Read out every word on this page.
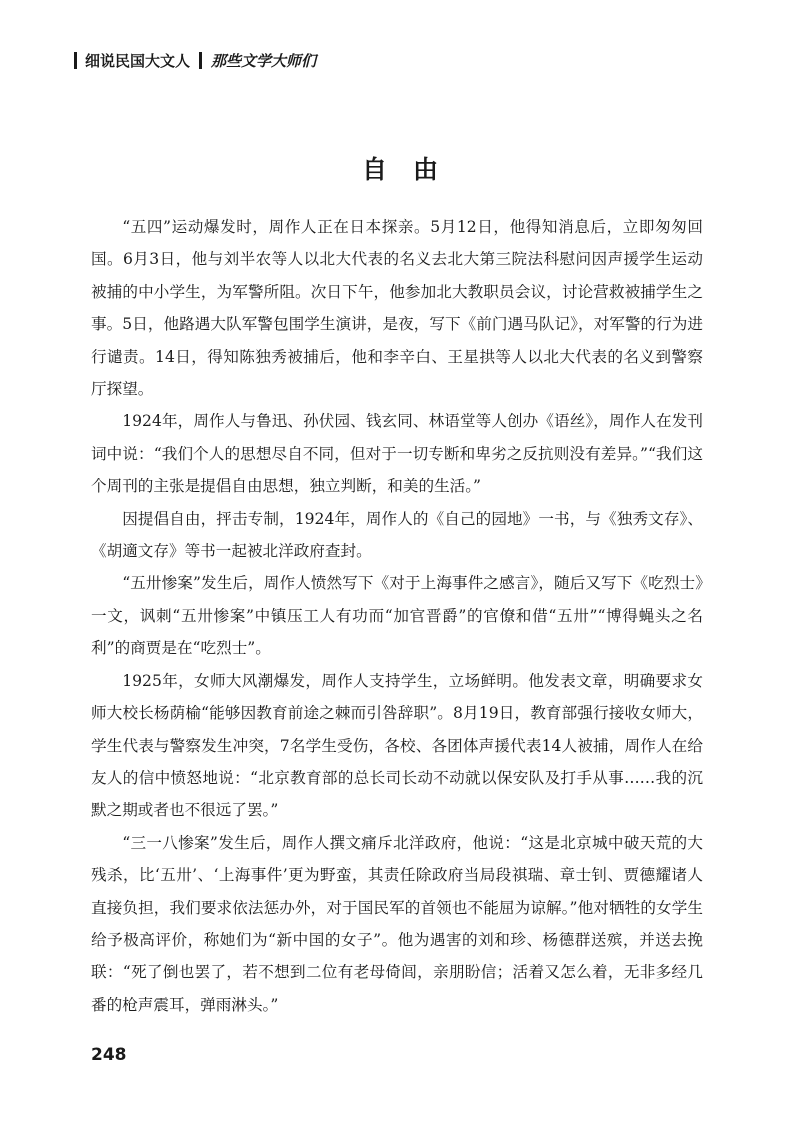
细说民国大文人 那些文学大师们
自由

“五四”运动爆发时，周作人正在日本探亲。5月12日，他得知消息后，立即匆匆回国。6月3日，他与刘半农等人以北大代表的名义去北大第三院法科慰问因声援学生运动被捕的中小学生，为军警所阻。次日下午，他参加北大教职员会议，讨论营救被捕学生之事。5日，他路遇大队军警包围学生演讲，是夜，写下《前门遇马队记》，对军警的行为进行谴责。14日，得知陈独秀被捕后，他和李辛白、王星拱等人以北大代表的名义到警察厅探望。

1924年，周作人与鲁迅、孙伏园、钱玄同、林语堂等人创办《语丝》，周作人在发刊词中说：“我们个人的思想尽自不同，但对于一切专断和卑劣之反抗则没有差异。”“我们这个周刊的主张是提倡自由思想，独立判断，和美的生活。”

因提倡自由，抨击专制，1924年，周作人的《自己的园地》一书，与《独秀文存》、《胡適文存》等书一起被北洋政府查封。

“五卅惨案”发生后，周作人愤然写下《对于上海事件之感言》，随后又写下《吃烈士》一文，讽刺“五卅惨案”中镇压工人有功而“加官晋爵”的官僚和借“五卅”“博得蝇头之名利”的商贾是在“吃烈士”。

1925年，女师大风潮爆发，周作人支持学生，立场鲜明。他发表文章，明确要求女师大校长杨荫榆“能够因教育前途之棘而引咎辞职”。8月19日，教育部强行接收女师大，学生代表与警察发生冲突，7名学生受伤，各校、各团体声援代表14人被捕，周作人在给友人的信中愤怒地说：“北京教育部的总长司长动不动就以保安队及打手从事……我的沉默之期或者也不很远了罢。”

“三一八惨案”发生后，周作人撰文痛斥北洋政府，他说：“这是北京城中破天荒的大残杀，比‘五卅’、‘上海事件’更为野蛮，其责任除政府当局段祺瑞、章士钊、贾德耀诸人直接负担，我们要求依法惩办外，对于国民军的首领也不能屈为谅解。”他对牺牲的女学生给予极高评价，称她们为“新中国的女子”。他为遇害的刘和珍、杨德群送殡，并送去挽联：“死了倒也罢了，若不想到二位有老母倚闾，亲朋盼信；活着又怎么着，无非多经几番的枪声震耳，弹雨淋头。”

248
